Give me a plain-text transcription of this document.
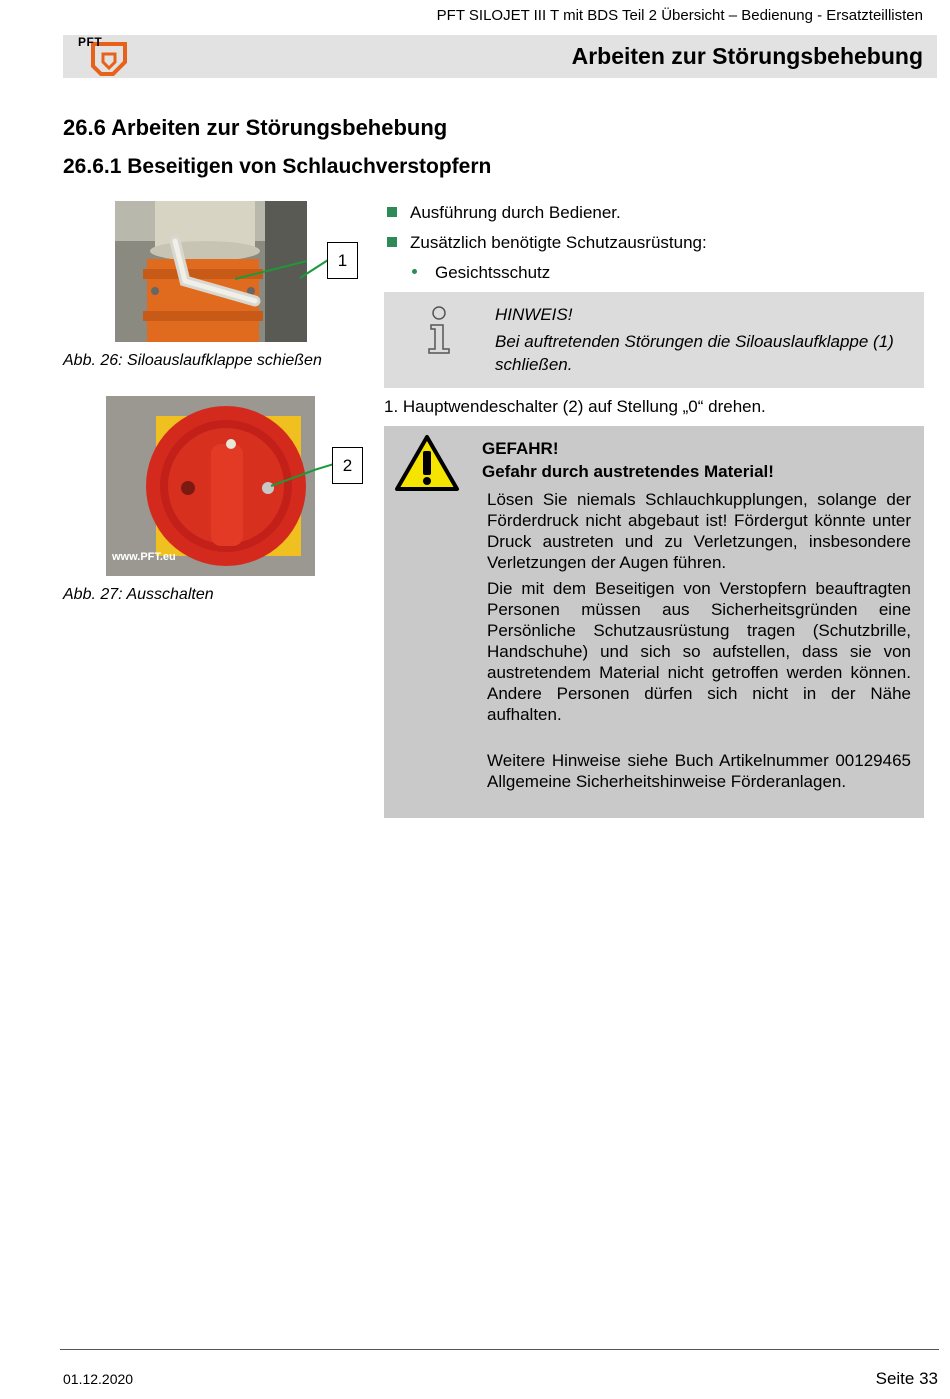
PFT SILOJET III T mit BDS Teil 2 Übersicht – Bedienung - Ersatzteillisten
PFT
Arbeiten zur Störungsbehebung
26.6 Arbeiten zur Störungsbehebung
26.6.1 Beseitigen von Schlauchverstopfern
1
Abb. 26: Siloauslaufklappe schießen
www.PFT.eu
2
Abb. 27: Ausschalten
Ausführung durch Bediener.
Zusätzlich benötigte Schutzausrüstung:
Gesichtsschutz
HINWEIS!
Bei auftretenden Störungen die Siloauslaufklappe (1) schließen.
1. Hauptwendeschalter (2) auf Stellung „0“ drehen.
GEFAHR!
Gefahr durch austretendes Material!
Lösen Sie niemals Schlauchkupplungen, solange der Förderdruck nicht abgebaut ist! Fördergut könnte unter Druck austreten und zu Verletzungen, insbesondere Verletzungen der Augen führen.
Die mit dem Beseitigen von Verstopfern beauftragten Personen müssen aus Sicherheitsgründen eine Persönliche Schutzausrüstung tragen (Schutzbrille, Handschuhe) und sich so aufstellen, dass sie von austretendem Material nicht getroffen werden können. Andere Personen dürfen sich nicht in der Nähe aufhalten.
Weitere Hinweise siehe Buch Artikelnummer 00129465 Allgemeine Sicherheitshinweise Förderanlagen.
01.12.2020	Seite 33
